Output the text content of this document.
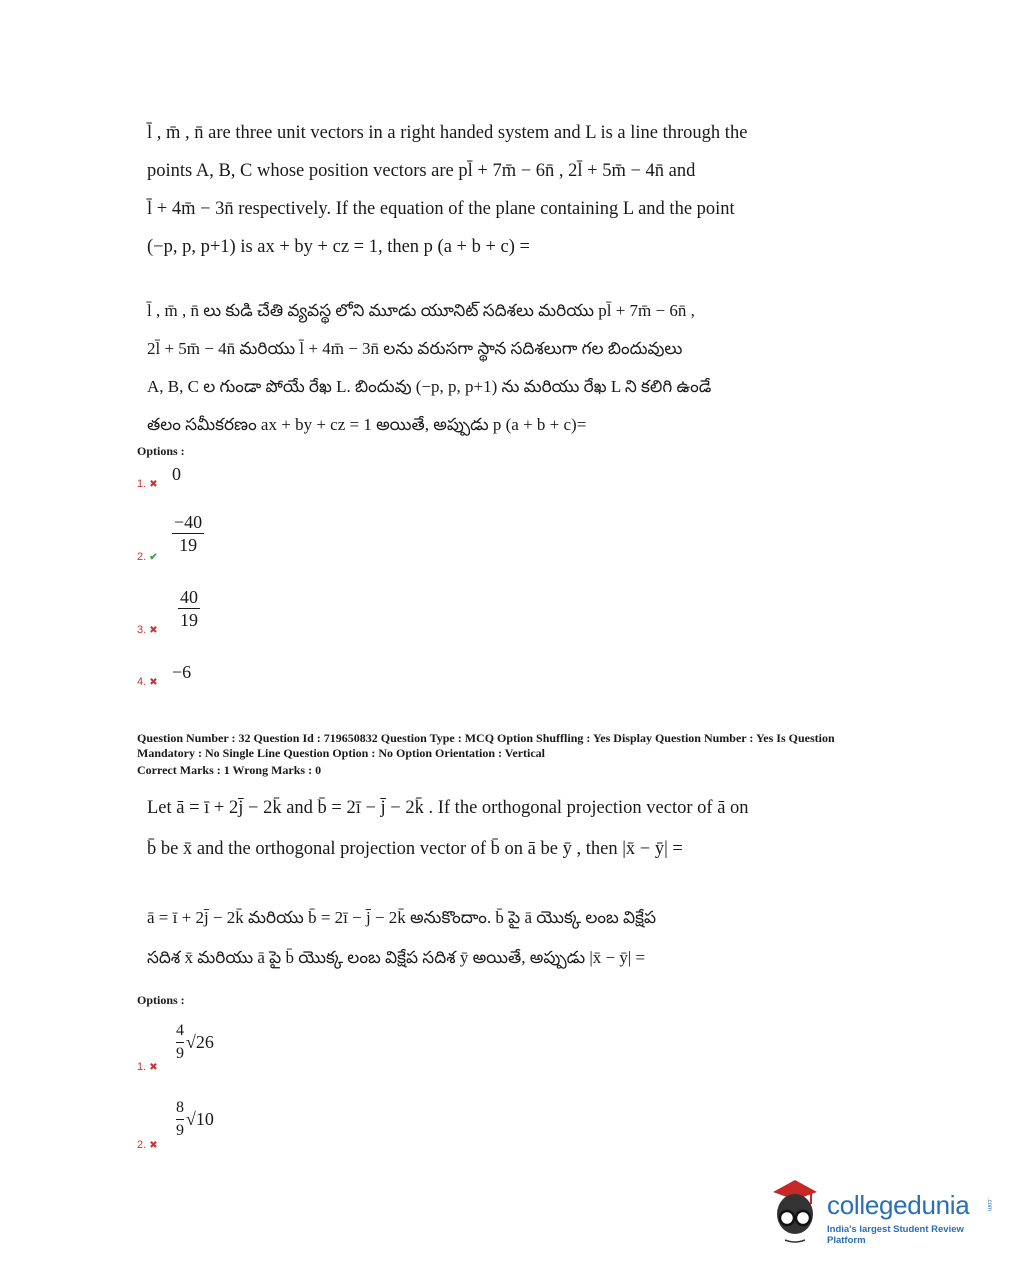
l̄ , m̄ , n̄ are three unit vectors in a right handed system and L is a line through the

points A, B, C whose position vectors are pl̄ + 7m̄ − 6n̄ , 2l̄ + 5m̄ − 4n̄ and

l̄ + 4m̄ − 3n̄ respectively. If the equation of the plane containing L and the point

(−p, p, p+1) is ax + by + cz = 1, then p (a + b + c) =

l̄ , m̄ , n̄ లు కుడి చేతి వ్యవస్థ లోని మూడు యూనిట్ సదిశలు మరియు pl̄ + 7m̄ − 6n̄ ,

2l̄ + 5m̄ − 4n̄ మరియు l̄ + 4m̄ − 3n̄ లను వరుసగా స్థాన సదిశలుగా గల బిందువులు

A, B, C ల గుండా పోయే రేఖ L. బిందువు (−p, p, p+1) ను మరియు రేఖ L ని కలిగి ఉండే

తలం సమీకరణం ax + by + cz = 1 అయితే, అప్పుడు p (a + b + c)=

Options :
1. ✖
0
2. ✔
$\frac{-40}{19}$
3. ✖ $\frac{40}{19}$
4. ✖
−6
Question Number : 32 Question Id : 719650832 Question Type : MCQ Option Shuffling : Yes Display Question Number : Yes Is Question
Mandatory : No Single Line Question Option : No Option Orientation : Vertical
Correct Marks : 1 Wrong Marks : 0

Let ā = ī + 2j̄ − 2k̄ and b̄ = 2ī − j̄ − 2k̄ . If the orthogonal projection vector of ā on

b̄ be x̄ and the orthogonal projection vector of b̄ on ā be ȳ , then |x̄ − ȳ| =

ā = ī + 2j̄ − 2k̄ మరియు b̄ = 2ī − j̄ − 2k̄ అనుకొందాం. b̄ పై ā యొక్క లంబ విక్షేప

సదిశ x̄ మరియు ā పై b̄ యొక్క లంబ విక్షేప సదిశ ȳ అయితే, అప్పుడు |x̄ − ȳ| =

Options :
1. ✖
$\frac{4}{9} √26$
2. ✖
$\frac{8}{9} √10$
collegedunia	.com
India's largest Student Review Platform
